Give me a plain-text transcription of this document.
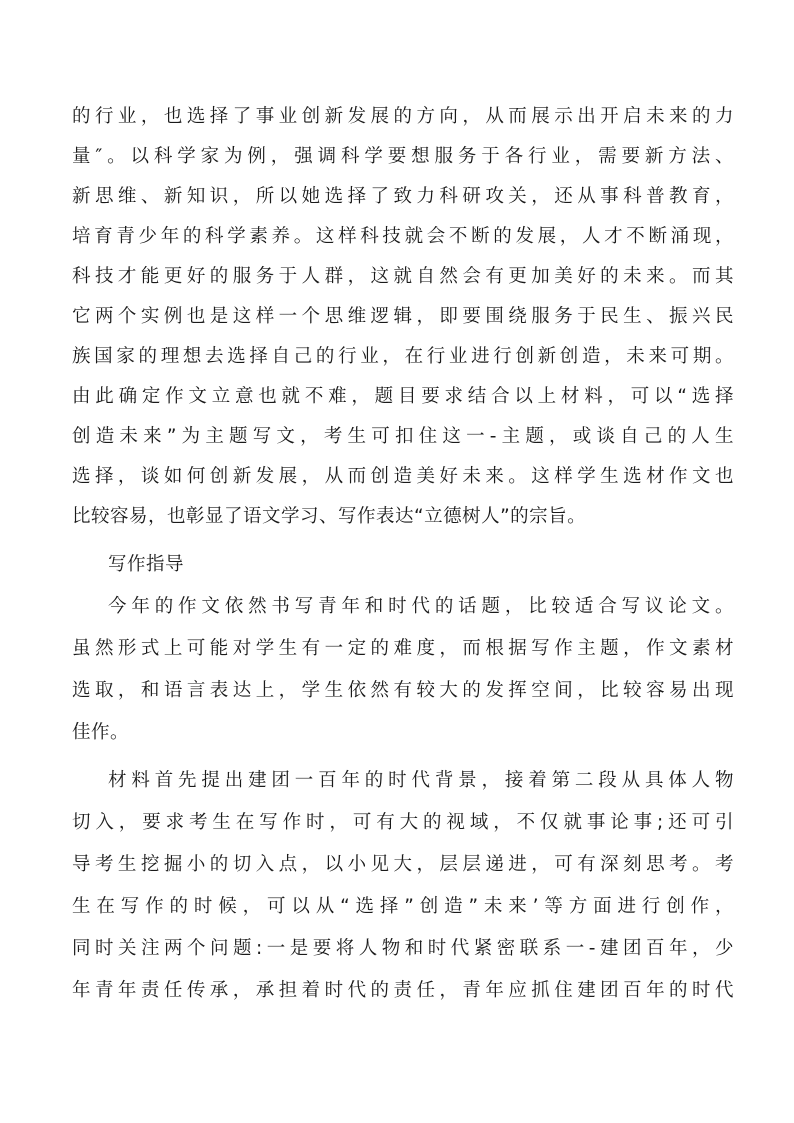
的行业，也选择了事业创新发展的方向，从而展示出开启未来的力
量″。以科学家为例，强调科学要想服务于各行业，需要新方法、
新思维、新知识，所以她选择了致力科研攻关，还从事科普教育，
培育青少年的科学素养。这样科技就会不断的发展，人才不断涌现，
科技才能更好的服务于人群，这就自然会有更加美好的未来。而其
它两个实例也是这样一个思维逻辑，即要围绕服务于民生、振兴民
族国家的理想去选择自己的行业，在行业进行创新创造，未来可期。
由此确定作文立意也就不难，题目要求结合以上材料，可以“选择
创造未来”为主题写文，考生可扣住这一-主题，或谈自己的人生
选择，谈如何创新发展，从而创造美好未来。这样学生选材作文也
比较容易，也彰显了语文学习、写作表达“立德树人”的宗旨。
写作指导
今年的作文依然书写青年和时代的话题，比较适合写议论文。
虽然形式上可能对学生有一定的难度，而根据写作主题，作文素材
选取，和语言表达上，学生依然有较大的发挥空间，比较容易出现
佳作。
材料首先提出建团一百年的时代背景，接着第二段从具体人物
切入，要求考生在写作时，可有大的视域，不仅就事论事;还可引
导考生挖掘小的切入点，以小见大，层层递进，可有深刻思考。考
生在写作的时候，可以从“选择”创造”未来’等方面进行创作，
同时关注两个问题:一是要将人物和时代紧密联系一-建团百年，少
年青年责任传承，承担着时代的责任，青年应抓住建团百年的时代
